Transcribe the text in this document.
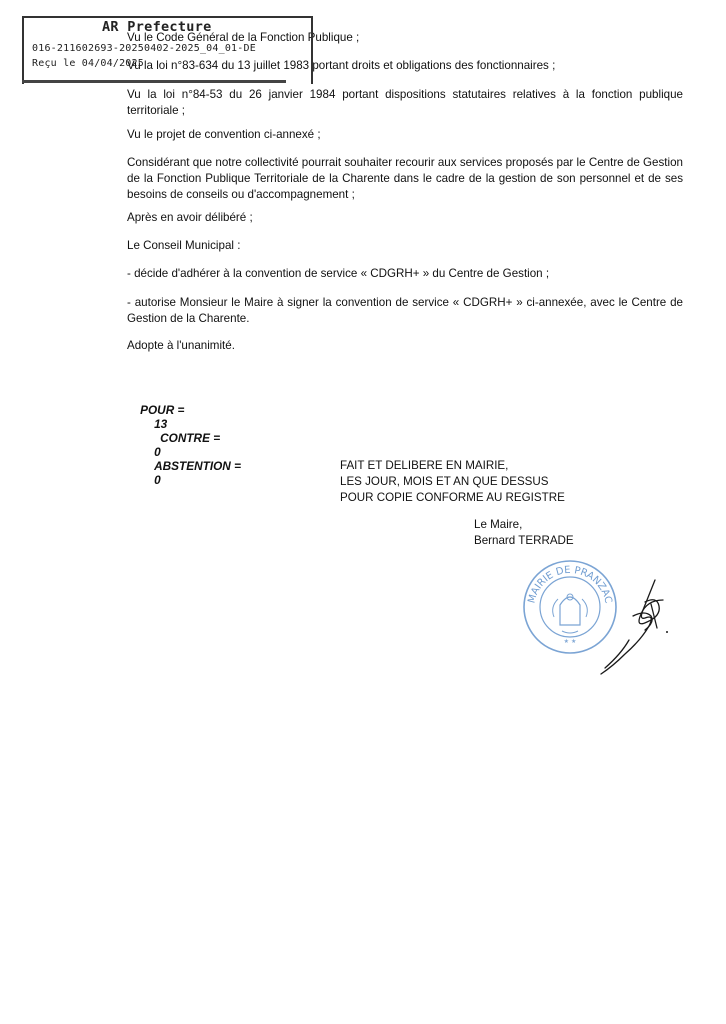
Vu le Code Général de la Fonction Publique ;

Vu la loi n°83-634 du 13 juillet 1983 portant droits et obligations des fonctionnaires ;

Vu la loi n°84-53 du 26 janvier 1984 portant dispositions statutaires relatives à la fonction publique territoriale ;

Vu le projet de convention ci-annexé ;

Considérant que notre collectivité pourrait souhaiter recourir aux services proposés par le Centre de Gestion de la Fonction Publique Territoriale de la Charente dans le cadre de la gestion de son personnel et de ses besoins de conseils ou d'accompagnement ;

Après en avoir délibéré ;

Le Conseil Municipal :

- décide d'adhérer à la convention de service « CDGRH+ » du Centre de Gestion ;

- autorise Monsieur le Maire à signer la convention de service « CDGRH+ » ci-annexée, avec le Centre de Gestion de la Charente.

Adopte à l'unanimité.

POUR =
13
CONTRE =
0
ABSTENTION =
0

FAIT ET DELIBERE EN MAIRIE,
LES JOUR, MOIS ET AN QUE DESSUS
POUR COPIE CONFORME AU REGISTRE
Le Maire,
Bernard TERRADE
MAIRIE DE PRANZAC
★ ★
AR Prefecture
016-211602693-20250402-2025_04_01-DE
Reçu le 04/04/2025
